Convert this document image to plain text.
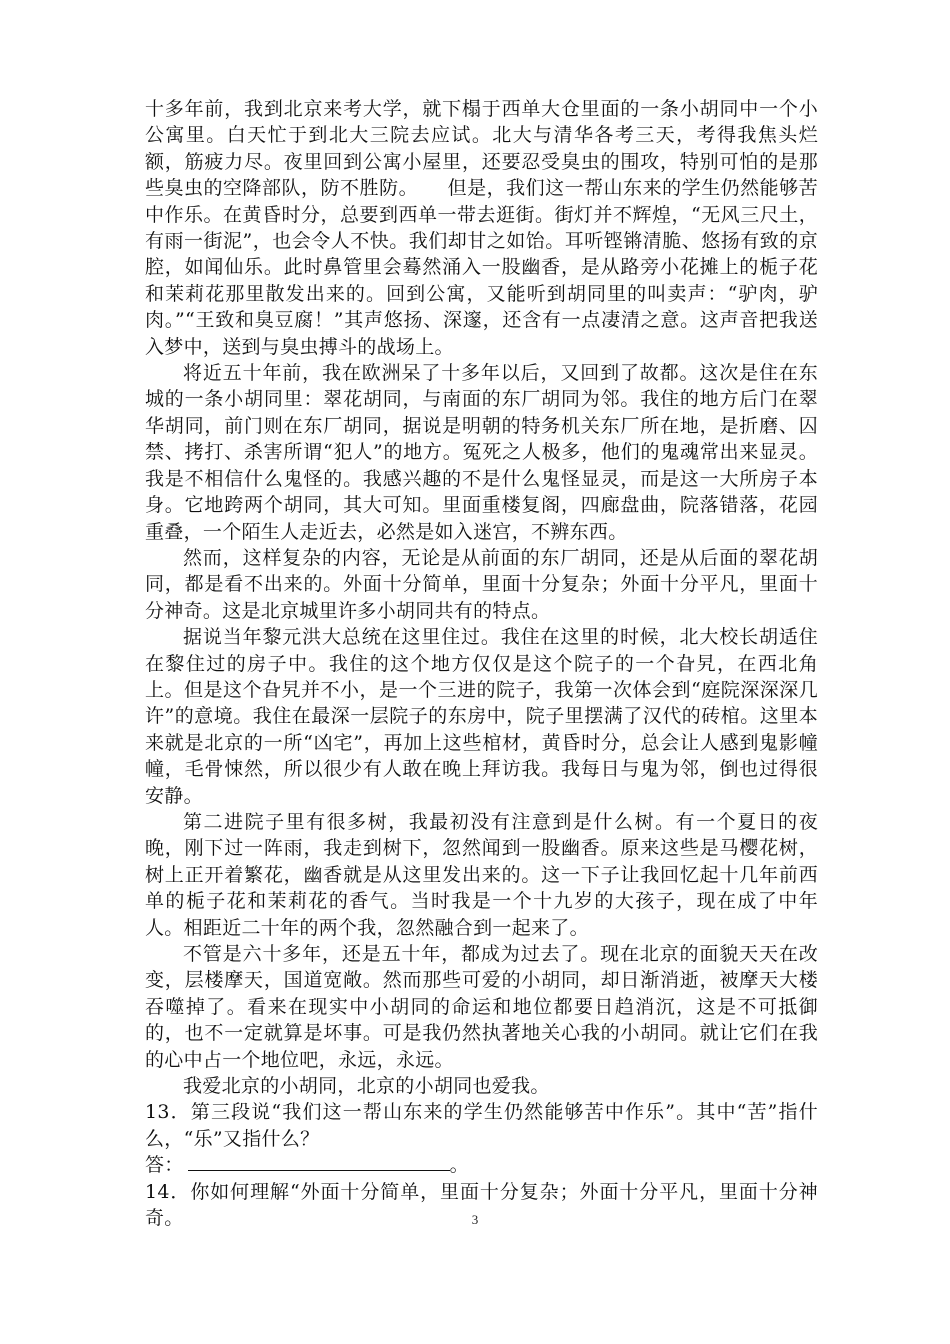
十多年前，我到北京来考大学，就下榻于西单大仓里面的一条小胡同中一个小公寓里。白天忙于到北大三院去应试。北大与清华各考三天，考得我焦头烂额，筋疲力尽。夜里回到公寓小屋里，还要忍受臭虫的围攻，特别可怕的是那些臭虫的空降部队，防不胜防。　　但是，我们这一帮山东来的学生仍然能够苦中作乐。在黄昏时分，总要到西单一带去逛街。街灯并不辉煌，“无风三尺土，有雨一街泥”，也会令人不快。我们却甘之如饴。耳听铿锵清脆、悠扬有致的京腔，如闻仙乐。此时鼻管里会蓦然涌入一股幽香，是从路旁小花摊上的栀子花和茉莉花那里散发出来的。回到公寓，又能听到胡同里的叫卖声：“驴肉，驴肉。”“王致和臭豆腐！”其声悠扬、深邃，还含有一点凄清之意。这声音把我送入梦中，送到与臭虫搏斗的战场上。

将近五十年前，我在欧洲呆了十多年以后，又回到了故都。这次是住在东城的一条小胡同里：翠花胡同，与南面的东厂胡同为邻。我住的地方后门在翠华胡同，前门则在东厂胡同，据说是明朝的特务机关东厂所在地，是折磨、囚禁、拷打、杀害所谓“犯人”的地方。冤死之人极多，他们的鬼魂常出来显灵。我是不相信什么鬼怪的。我感兴趣的不是什么鬼怪显灵，而是这一大所房子本身。它地跨两个胡同，其大可知。里面重楼复阁，四廊盘曲，院落错落，花园重叠，一个陌生人走近去，必然是如入迷宫，不辨东西。

然而，这样复杂的内容，无论是从前面的东厂胡同，还是从后面的翠花胡同，都是看不出来的。外面十分简单，里面十分复杂；外面十分平凡，里面十分神奇。这是北京城里许多小胡同共有的特点。

据说当年黎元洪大总统在这里住过。我住在这里的时候，北大校长胡适住在黎住过的房子中。我住的这个地方仅仅是这个院子的一个旮旯，在西北角上。但是这个旮旯并不小，是一个三进的院子，我第一次体会到“庭院深深深几许”的意境。我住在最深一层院子的东房中，院子里摆满了汉代的砖棺。这里本来就是北京的一所“凶宅”，再加上这些棺材，黄昏时分，总会让人感到鬼影幢幢，毛骨悚然，所以很少有人敢在晚上拜访我。我每日与鬼为邻，倒也过得很安静。

第二进院子里有很多树，我最初没有注意到是什么树。有一个夏日的夜晚，刚下过一阵雨，我走到树下，忽然闻到一股幽香。原来这些是马樱花树，树上正开着繁花，幽香就是从这里发出来的。这一下子让我回忆起十几年前西单的栀子花和茉莉花的香气。当时我是一个十九岁的大孩子，现在成了中年人。相距近二十年的两个我，忽然融合到一起来了。

不管是六十多年，还是五十年，都成为过去了。现在北京的面貌天天在改变，层楼摩天，国道宽敞。然而那些可爱的小胡同，却日渐消逝，被摩天大楼吞噬掉了。看来在现实中小胡同的命运和地位都要日趋消沉，这是不可抵御的，也不一定就算是坏事。可是我仍然执著地关心我的小胡同。就让它们在我的心中占一个地位吧，永远，永远。

我爱北京的小胡同，北京的小胡同也爱我。

13．第三段说“我们这一帮山东来的学生仍然能够苦中作乐”。其中“苦”指什么，“乐”又指什么？

答：	。

14．你如何理解“外面十分简单，里面十分复杂；外面十分平凡，里面十分神奇。	3
